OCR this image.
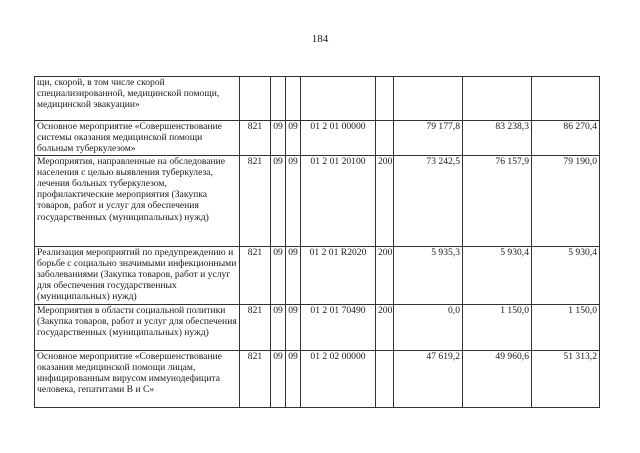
184
щи, скорой, в том числе скорой специализированной, медицинской помощи, медицинской эвакуации»								
Основное мероприятие «Совершенствование системы оказания медицинской помощи больным туберкулезом»	821	09	09	01 2 01 00000		79 177,8	83 238,3	86 270,4
Мероприятия, направленные на обследование населения с целью выявления туберкулеза, лечения больных туберкулезом, профилактические мероприятия (Закупка товаров, работ и услуг для обеспечения государственных (муниципальных) нужд)	821	09	09	01 2 01 20100	200	73 242,5	76 157,9	79 190,0
Реализация мероприятий по предупреждению и борьбе с социально значимыми инфекционными заболеваниями (Закупка товаров, работ и услуг для обеспечения государственных (муниципальных) нужд)	821	09	09	01 2 01 R2020	200	5 935,3	5 930,4	5 930,4
Мероприятия в области социальной политики (Закупка товаров, работ и услуг для обеспечения государственных (муниципальных) нужд)	821	09	09	01 2 01 70490	200	0,0	1 150,0	1 150,0
Основное мероприятие «Совершенствование оказания медицинской помощи лицам, инфицированным вирусом иммунодефицита человека, гепатитами В и С»	821	09	09	01 2 02 00000		47 619,2	49 960,6	51 313,2
